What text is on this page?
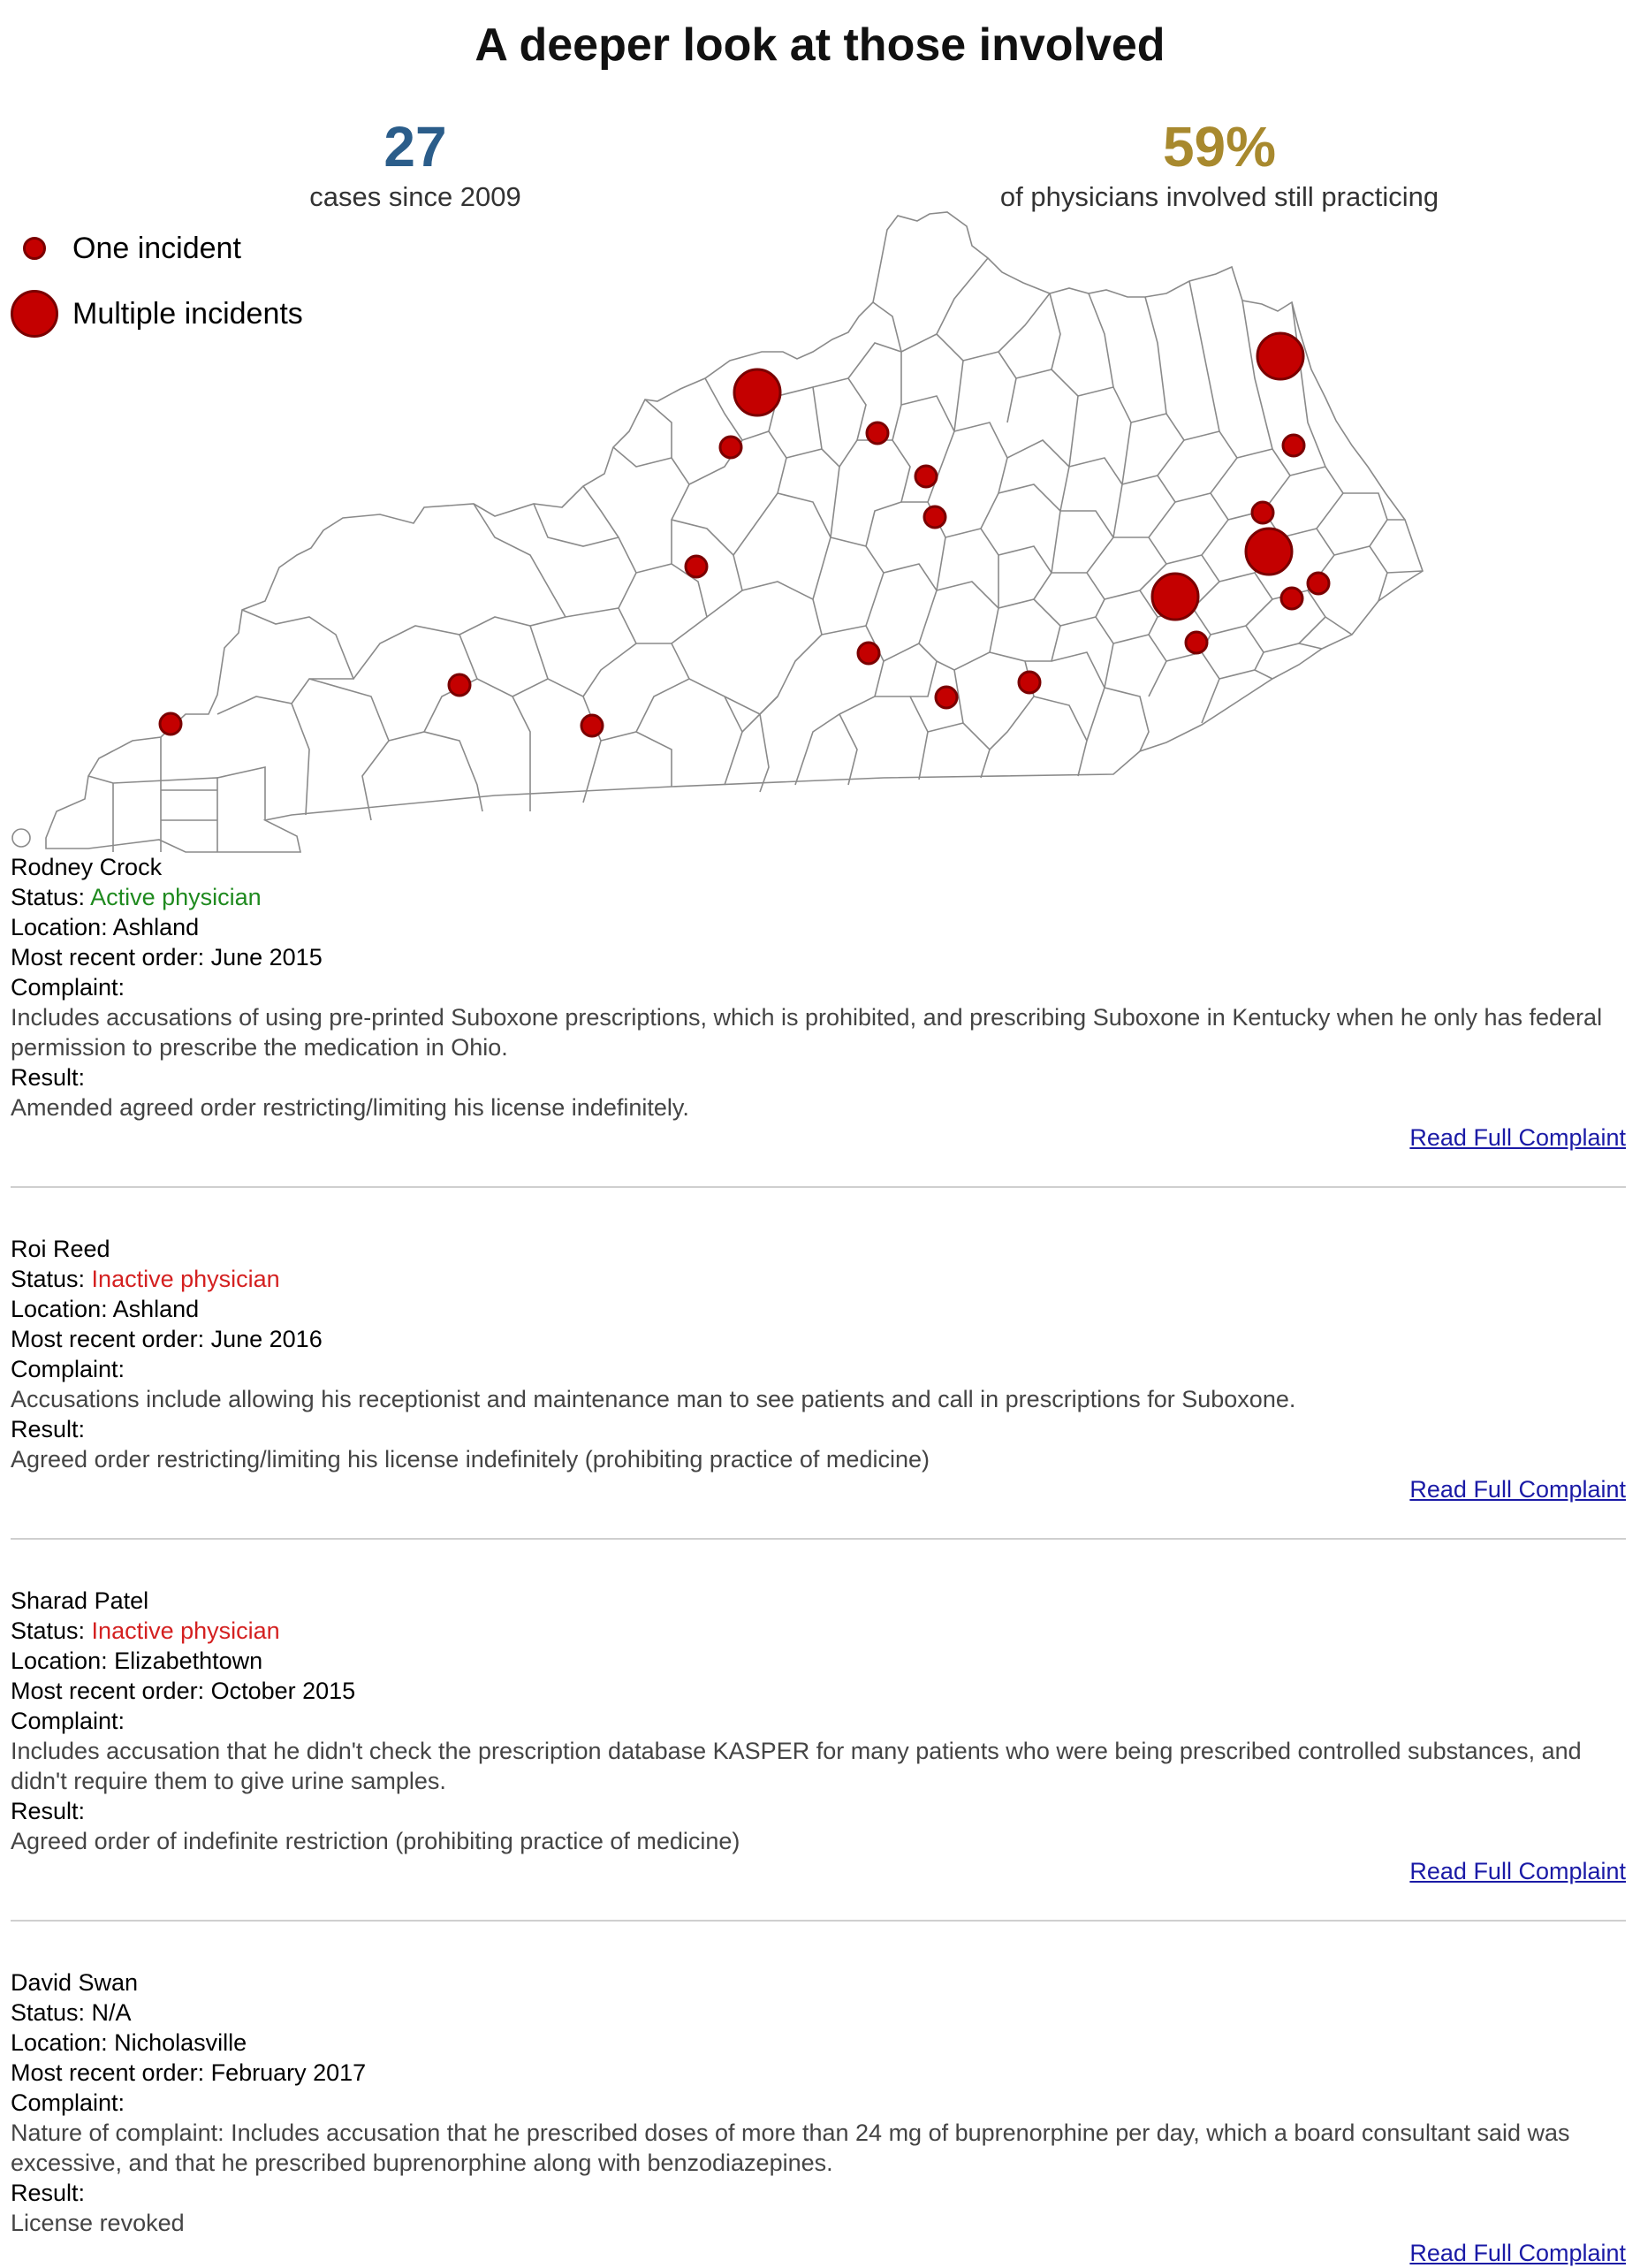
A deeper look at those involved
27
cases since 2009
59%
of physicians involved still practicing
One incident
Multiple incidents
Rodney Crock
Status: Active physician
Location: Ashland
Most recent order: June 2015
Complaint:
Includes accusations of using pre-printed Suboxone prescriptions, which is prohibited, and prescribing Suboxone in Kentucky when he only has federal permission to prescribe the medication in Ohio.
Result:
Amended agreed order restricting/limiting his license indefinitely.
Read Full Complaint
Roi Reed
Status: Inactive physician
Location: Ashland
Most recent order: June 2016
Complaint:
Accusations include allowing his receptionist and maintenance man to see patients and call in prescriptions for Suboxone.
Result:
Agreed order restricting/limiting his license indefinitely (prohibiting practice of medicine)
Read Full Complaint
Sharad Patel
Status: Inactive physician
Location: Elizabethtown
Most recent order: October 2015
Complaint:
Includes accusation that he didn't check the prescription database KASPER for many patients who were being prescribed controlled substances, and didn't require them to give urine samples.
Result:
Agreed order of indefinite restriction (prohibiting practice of medicine)
Read Full Complaint
David Swan
Status: N/A
Location: Nicholasville
Most recent order: February 2017
Complaint:
Nature of complaint: Includes accusation that he prescribed doses of more than 24 mg of buprenorphine per day, which a board consultant said was excessive, and that he prescribed buprenorphine along with benzodiazepines.
Result:
License revoked
Read Full Complaint
